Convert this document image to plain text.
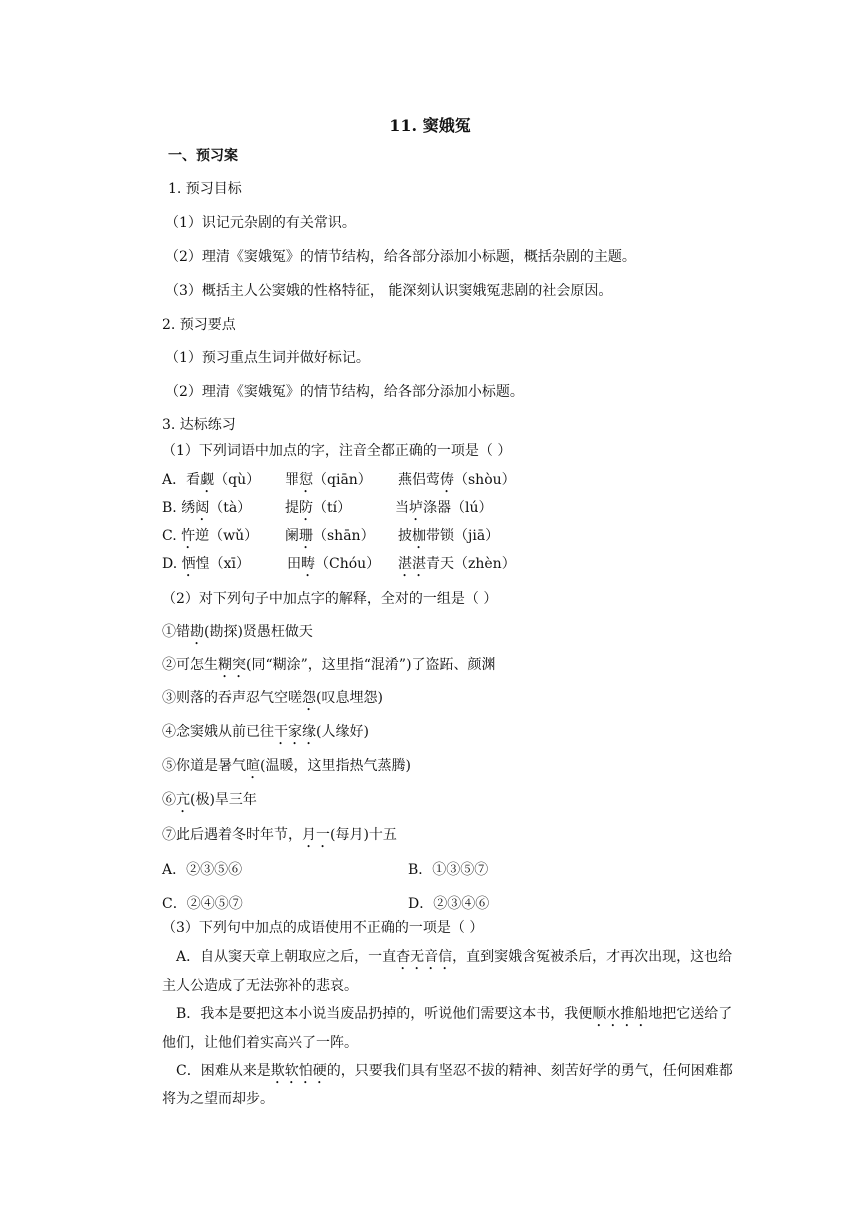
11. 窦娥冤
一、预习案
1. 预习目标
（1）识记元杂剧的有关常识。
（2）理清《窦娥冤》的情节结构，给各部分添加小标题，概括杂剧的主题。
（3）概括主人公窦娥的性格特征， 能深刻认识窦娥冤悲剧的社会原因。
2. 预习要点
（1）预习重点生词并做好标记。
（2）理清《窦娥冤》的情节结构，给各部分添加小标题。
3. 达标练习
（1）下列词语中加点的字，注音全都正确的一项是（ ）
A．看觑（qù） 罪愆（qiān） 燕侣莺俦（shòu）
B. 绣闼（tà） 提防（tí）	当垆涤器（lú）
C. 忤逆（wǔ） 阑珊（shān） 披枷带锁（jiā）
D. 恓惶（xī）	田畴（Chóu） 湛湛青天（zhèn）
（2）对下列句子中加点字的解释，全对的一组是（ ）
①错勘(勘探)贤愚枉做天
②可怎生糊突(同“糊涂”，这里指“混淆”)了盗跖、颜渊
③则落的吞声忍气空嗟怨(叹息埋怨)
④念窦娥从前已往干家缘(人缘好)
⑤你道是暑气暄(温暖，这里指热气蒸腾)
⑥亢(极)旱三年
⑦此后遇着冬时年节，月一(每月)十五
A．②③⑤⑥	B．①③⑤⑦
C．②④⑤⑦	D．②③④⑥
（3）下列句中加点的成语使用不正确的一项是（ ）
A．自从窦天章上朝取应之后，一直杳无音信，直到窦娥含冤被杀后，才再次出现，这也给
主人公造成了无法弥补的悲哀。
B．我本是要把这本小说当废品扔掉的，听说他们需要这本书，我便顺水推船地把它送给了
他们，让他们着实高兴了一阵。
C．困难从来是欺软怕硬的，只要我们具有坚忍不拔的精神、刻苦好学的勇气，任何困难都
将为之望而却步。
